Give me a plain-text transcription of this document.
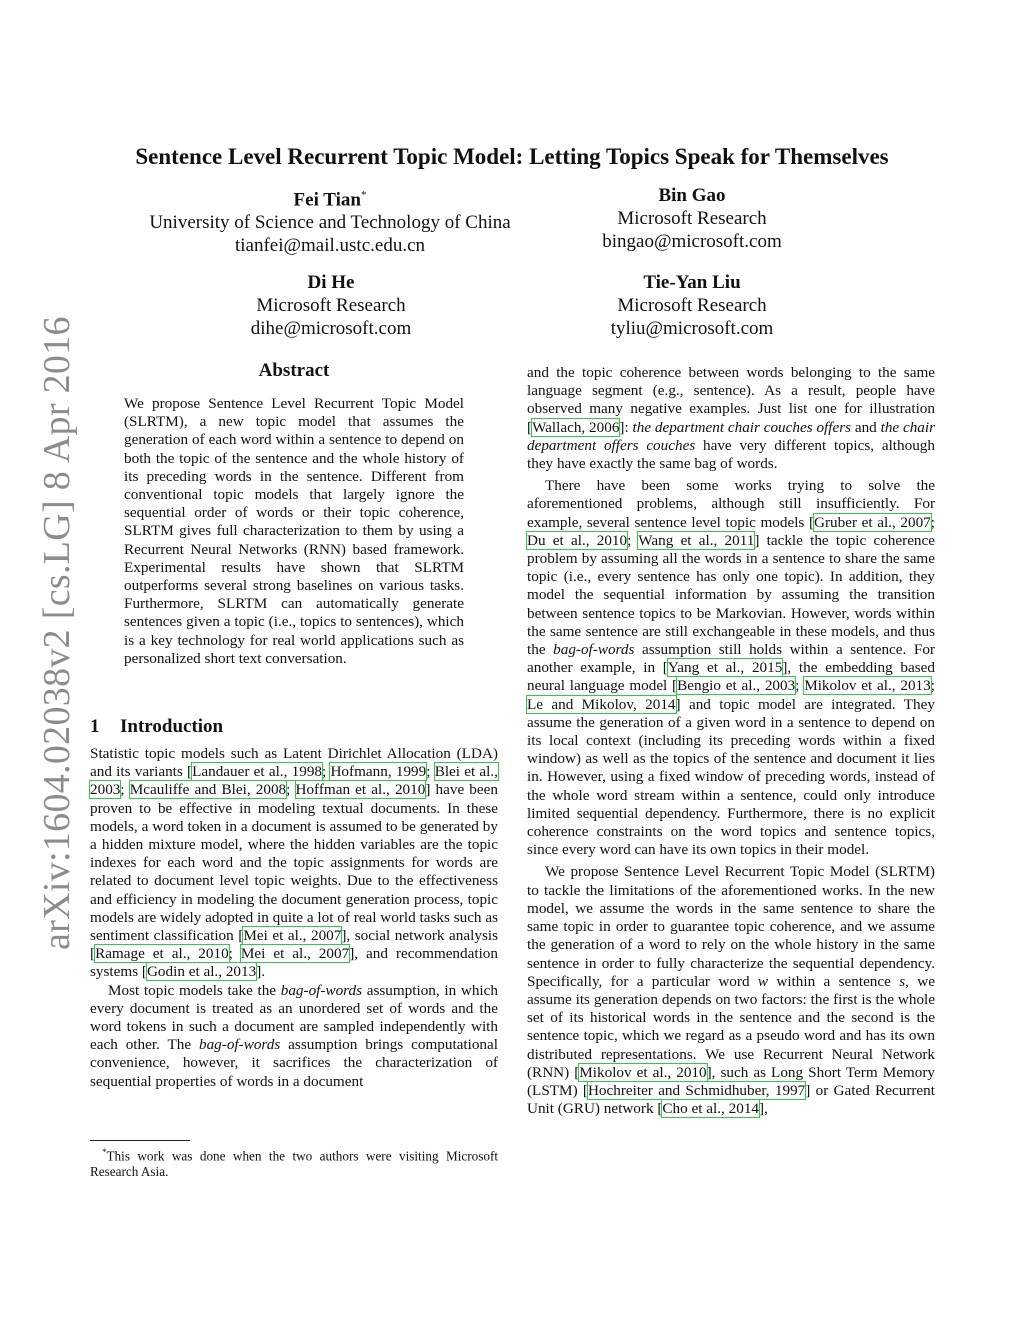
arXiv:1604.02038v2 [cs.LG] 8 Apr 2016
Sentence Level Recurrent Topic Model: Letting Topics Speak for Themselves
Fei Tian*
University of Science and Technology of China
tianfei@mail.ustc.edu.cn
Bin Gao
Microsoft Research
bingao@microsoft.com
Di He
Microsoft Research
dihe@microsoft.com
Tie-Yan Liu
Microsoft Research
tyliu@microsoft.com
Abstract

We propose Sentence Level Recurrent Topic Model (SLRTM), a new topic model that assumes the generation of each word within a sentence to depend on both the topic of the sentence and the whole history of its preceding words in the sentence. Different from conventional topic models that largely ignore the sequential order of words or their topic coherence, SLRTM gives full characterization to them by using a Recurrent Neural Networks (RNN) based framework. Experimental results have shown that SLRTM outperforms several strong baselines on various tasks. Furthermore, SLRTM can automatically generate sentences given a topic (i.e., topics to sentences), which is a key technology for real world applications such as personalized short text conversation.

1 Introduction

Statistic topic models such as Latent Dirichlet Allocation (LDA) and its variants [Landauer et al., 1998; Hofmann, 1999; Blei et al., 2003; Mcauliffe and Blei, 2008; Hoffman et al., 2010] have been proven to be effective in modeling textual documents. In these models, a word token in a document is assumed to be generated by a hidden mixture model, where the hidden variables are the topic indexes for each word and the topic assignments for words are related to document level topic weights. Due to the effectiveness and efficiency in modeling the document generation process, topic models are widely adopted in quite a lot of real world tasks such as sentiment classification [Mei et al., 2007], social network analysis [Ramage et al., 2010; Mei et al., 2007], and recommendation systems [Godin et al., 2013].

Most topic models take the bag-of-words assumption, in which every document is treated as an unordered set of words and the word tokens in such a document are sampled independently with each other. The bag-of-words assumption brings computational convenience, however, it sacrifices the characterization of sequential properties of words in a document

*This work was done when the two authors were visiting Microsoft Research Asia.

and the topic coherence between words belonging to the same language segment (e.g., sentence). As a result, people have observed many negative examples. Just list one for illustration [Wallach, 2006]: the department chair couches offers and the chair department offers couches have very different topics, although they have exactly the same bag of words.

There have been some works trying to solve the aforementioned problems, although still insufficiently. For example, several sentence level topic models [Gruber et al., 2007; Du et al., 2010; Wang et al., 2011] tackle the topic coherence problem by assuming all the words in a sentence to share the same topic (i.e., every sentence has only one topic). In addition, they model the sequential information by assuming the transition between sentence topics to be Markovian. However, words within the same sentence are still exchangeable in these models, and thus the bag-of-words assumption still holds within a sentence. For another example, in [Yang et al., 2015], the embedding based neural language model [Bengio et al., 2003; Mikolov et al., 2013; Le and Mikolov, 2014] and topic model are integrated. They assume the generation of a given word in a sentence to depend on its local context (including its preceding words within a fixed window) as well as the topics of the sentence and document it lies in. However, using a fixed window of preceding words, instead of the whole word stream within a sentence, could only introduce limited sequential dependency. Furthermore, there is no explicit coherence constraints on the word topics and sentence topics, since every word can have its own topics in their model.

We propose Sentence Level Recurrent Topic Model (SLRTM) to tackle the limitations of the aforementioned works. In the new model, we assume the words in the same sentence to share the same topic in order to guarantee topic coherence, and we assume the generation of a word to rely on the whole history in the same sentence in order to fully characterize the sequential dependency. Specifically, for a particular word w within a sentence s, we assume its generation depends on two factors: the first is the whole set of its historical words in the sentence and the second is the sentence topic, which we regard as a pseudo word and has its own distributed representations. We use Recurrent Neural Network (RNN) [Mikolov et al., 2010], such as Long Short Term Memory (LSTM) [Hochreiter and Schmidhuber, 1997] or Gated Recurrent Unit (GRU) network [Cho et al., 2014],
